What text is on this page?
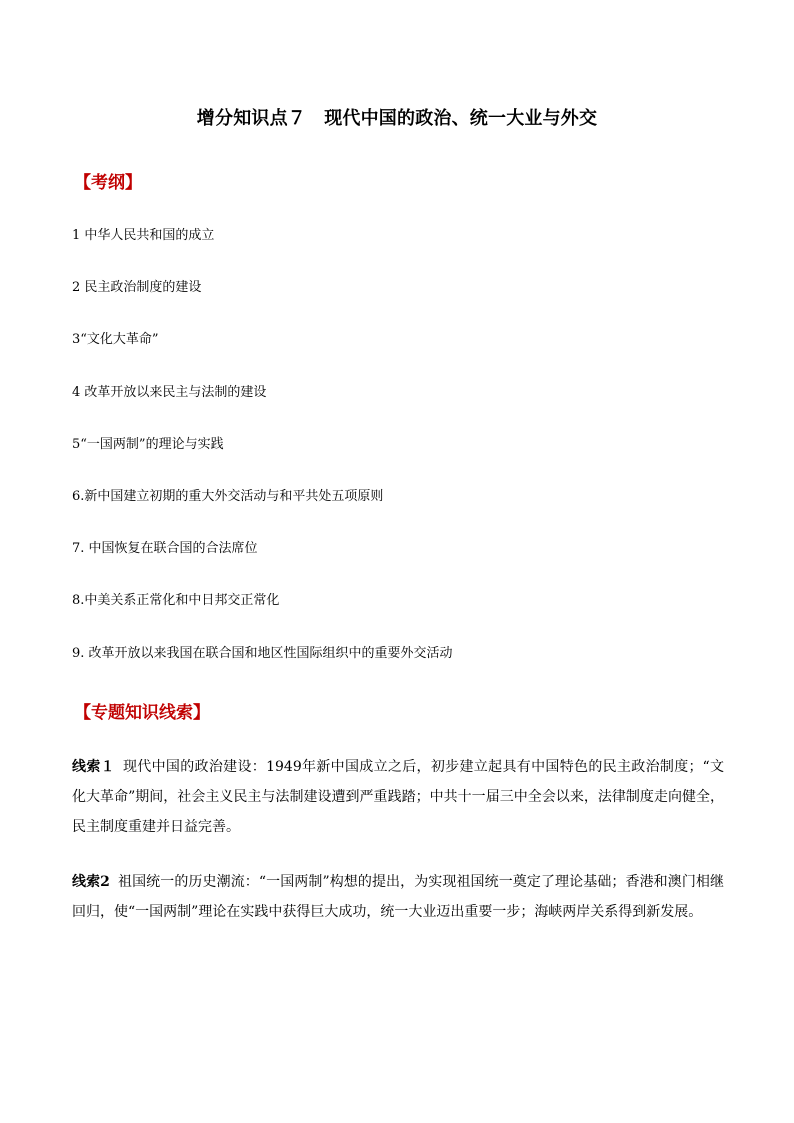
增分知识点７　现代中国的政治、统一大业与外交
【考纲】
1 中华人民共和国的成立
2 民主政治制度的建设
3“文化大革命”
4 改革开放以来民主与法制的建设
5“一国两制”的理论与实践
6.新中国建立初期的重大外交活动与和平共处五项原则
7. 中国恢复在联合国的合法席位
8.中美关系正常化和中日邦交正常化
9. 改革开放以来我国在联合国和地区性国际组织中的重要外交活动
【专题知识线索】
线索１ 现代中国的政治建设：1949年新中国成立之后，初步建立起具有中国特色的民主政治制度；“文化大革命”期间，社会主义民主与法制建设遭到严重践踏；中共十一届三中全会以来，法律制度走向健全，民主制度重建并日益完善。
线索2 祖国统一的历史潮流：“一国两制”构想的提出，为实现祖国统一奠定了理论基础；香港和澳门相继回归，使“一国两制”理论在实践中获得巨大成功，统一大业迈出重要一步；海峡两岸关系得到新发展。
